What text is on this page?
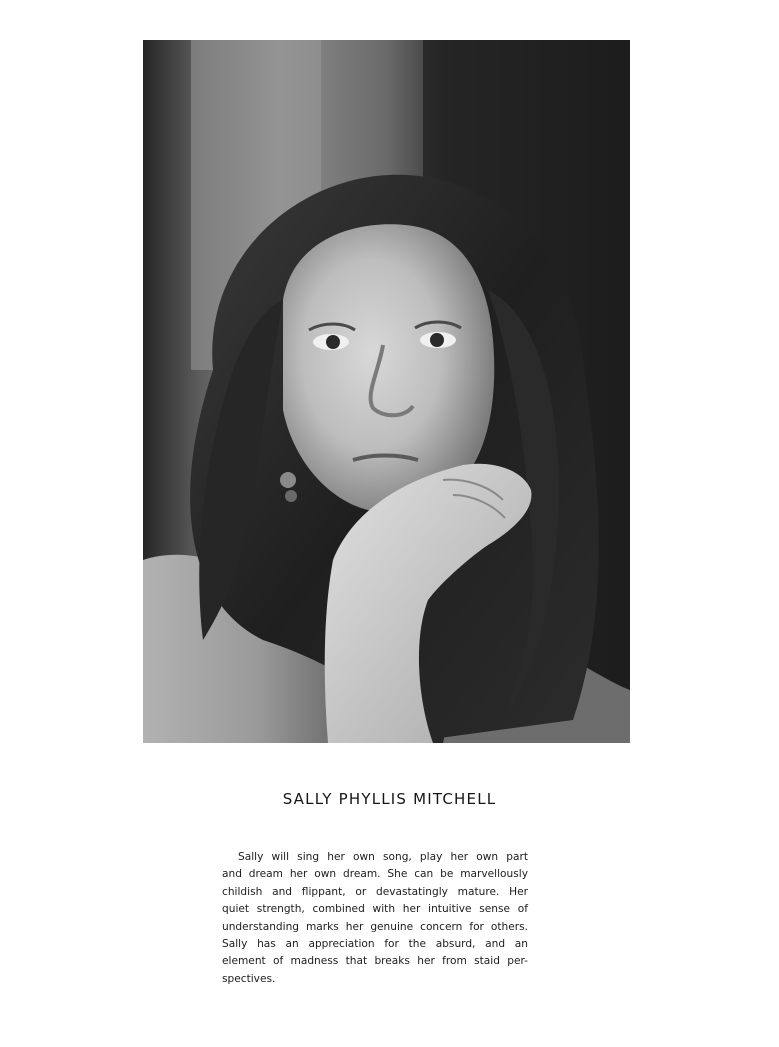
SALLY PHYLLIS MITCHELL
Sally will sing her own song, play her own part
and dream her own dream. She can be marvellously
childish and flippant, or devastatingly mature. Her
quiet strength, combined with her intuitive sense of
understanding marks her genuine concern for others.
Sally has an appreciation for the absurd, and an
element of madness that breaks her from staid per-
spectives.
